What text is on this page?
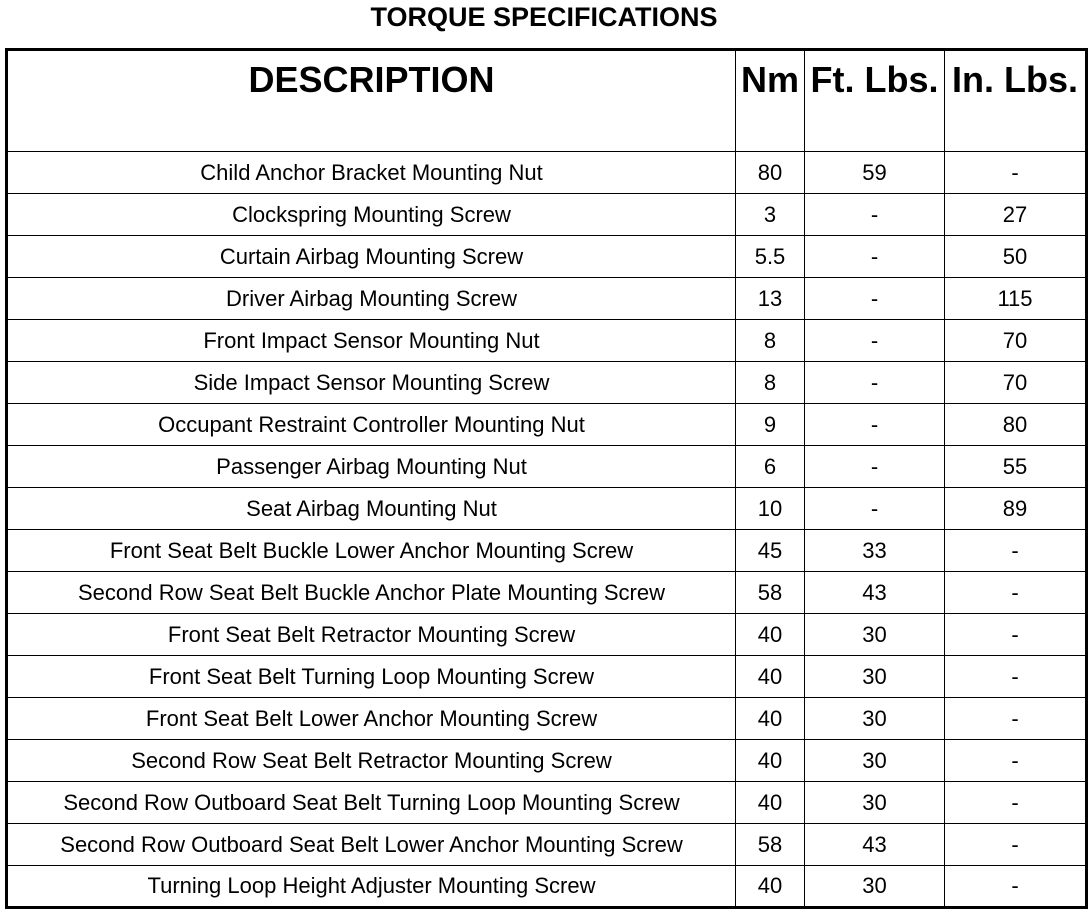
TORQUE SPECIFICATIONS
DESCRIPTION	Nm	Ft. Lbs.	In. Lbs.
Child Anchor Bracket Mounting Nut	80	59	-
Clockspring Mounting Screw	3	-	27
Curtain Airbag Mounting Screw	5.5	-	50
Driver Airbag Mounting Screw	13	-	115
Front Impact Sensor Mounting Nut	8	-	70
Side Impact Sensor Mounting Screw	8	-	70
Occupant Restraint Controller Mounting Nut	9	-	80
Passenger Airbag Mounting Nut	6	-	55
Seat Airbag Mounting Nut	10	-	89
Front Seat Belt Buckle Lower Anchor Mounting Screw	45	33	-
Second Row Seat Belt Buckle Anchor Plate Mounting Screw	58	43	-
Front Seat Belt Retractor Mounting Screw	40	30	-
Front Seat Belt Turning Loop Mounting Screw	40	30	-
Front Seat Belt Lower Anchor Mounting Screw	40	30	-
Second Row Seat Belt Retractor Mounting Screw	40	30	-
Second Row Outboard Seat Belt Turning Loop Mounting Screw	40	30	-
Second Row Outboard Seat Belt Lower Anchor Mounting Screw	58	43	-
Turning Loop Height Adjuster Mounting Screw	40	30	-
